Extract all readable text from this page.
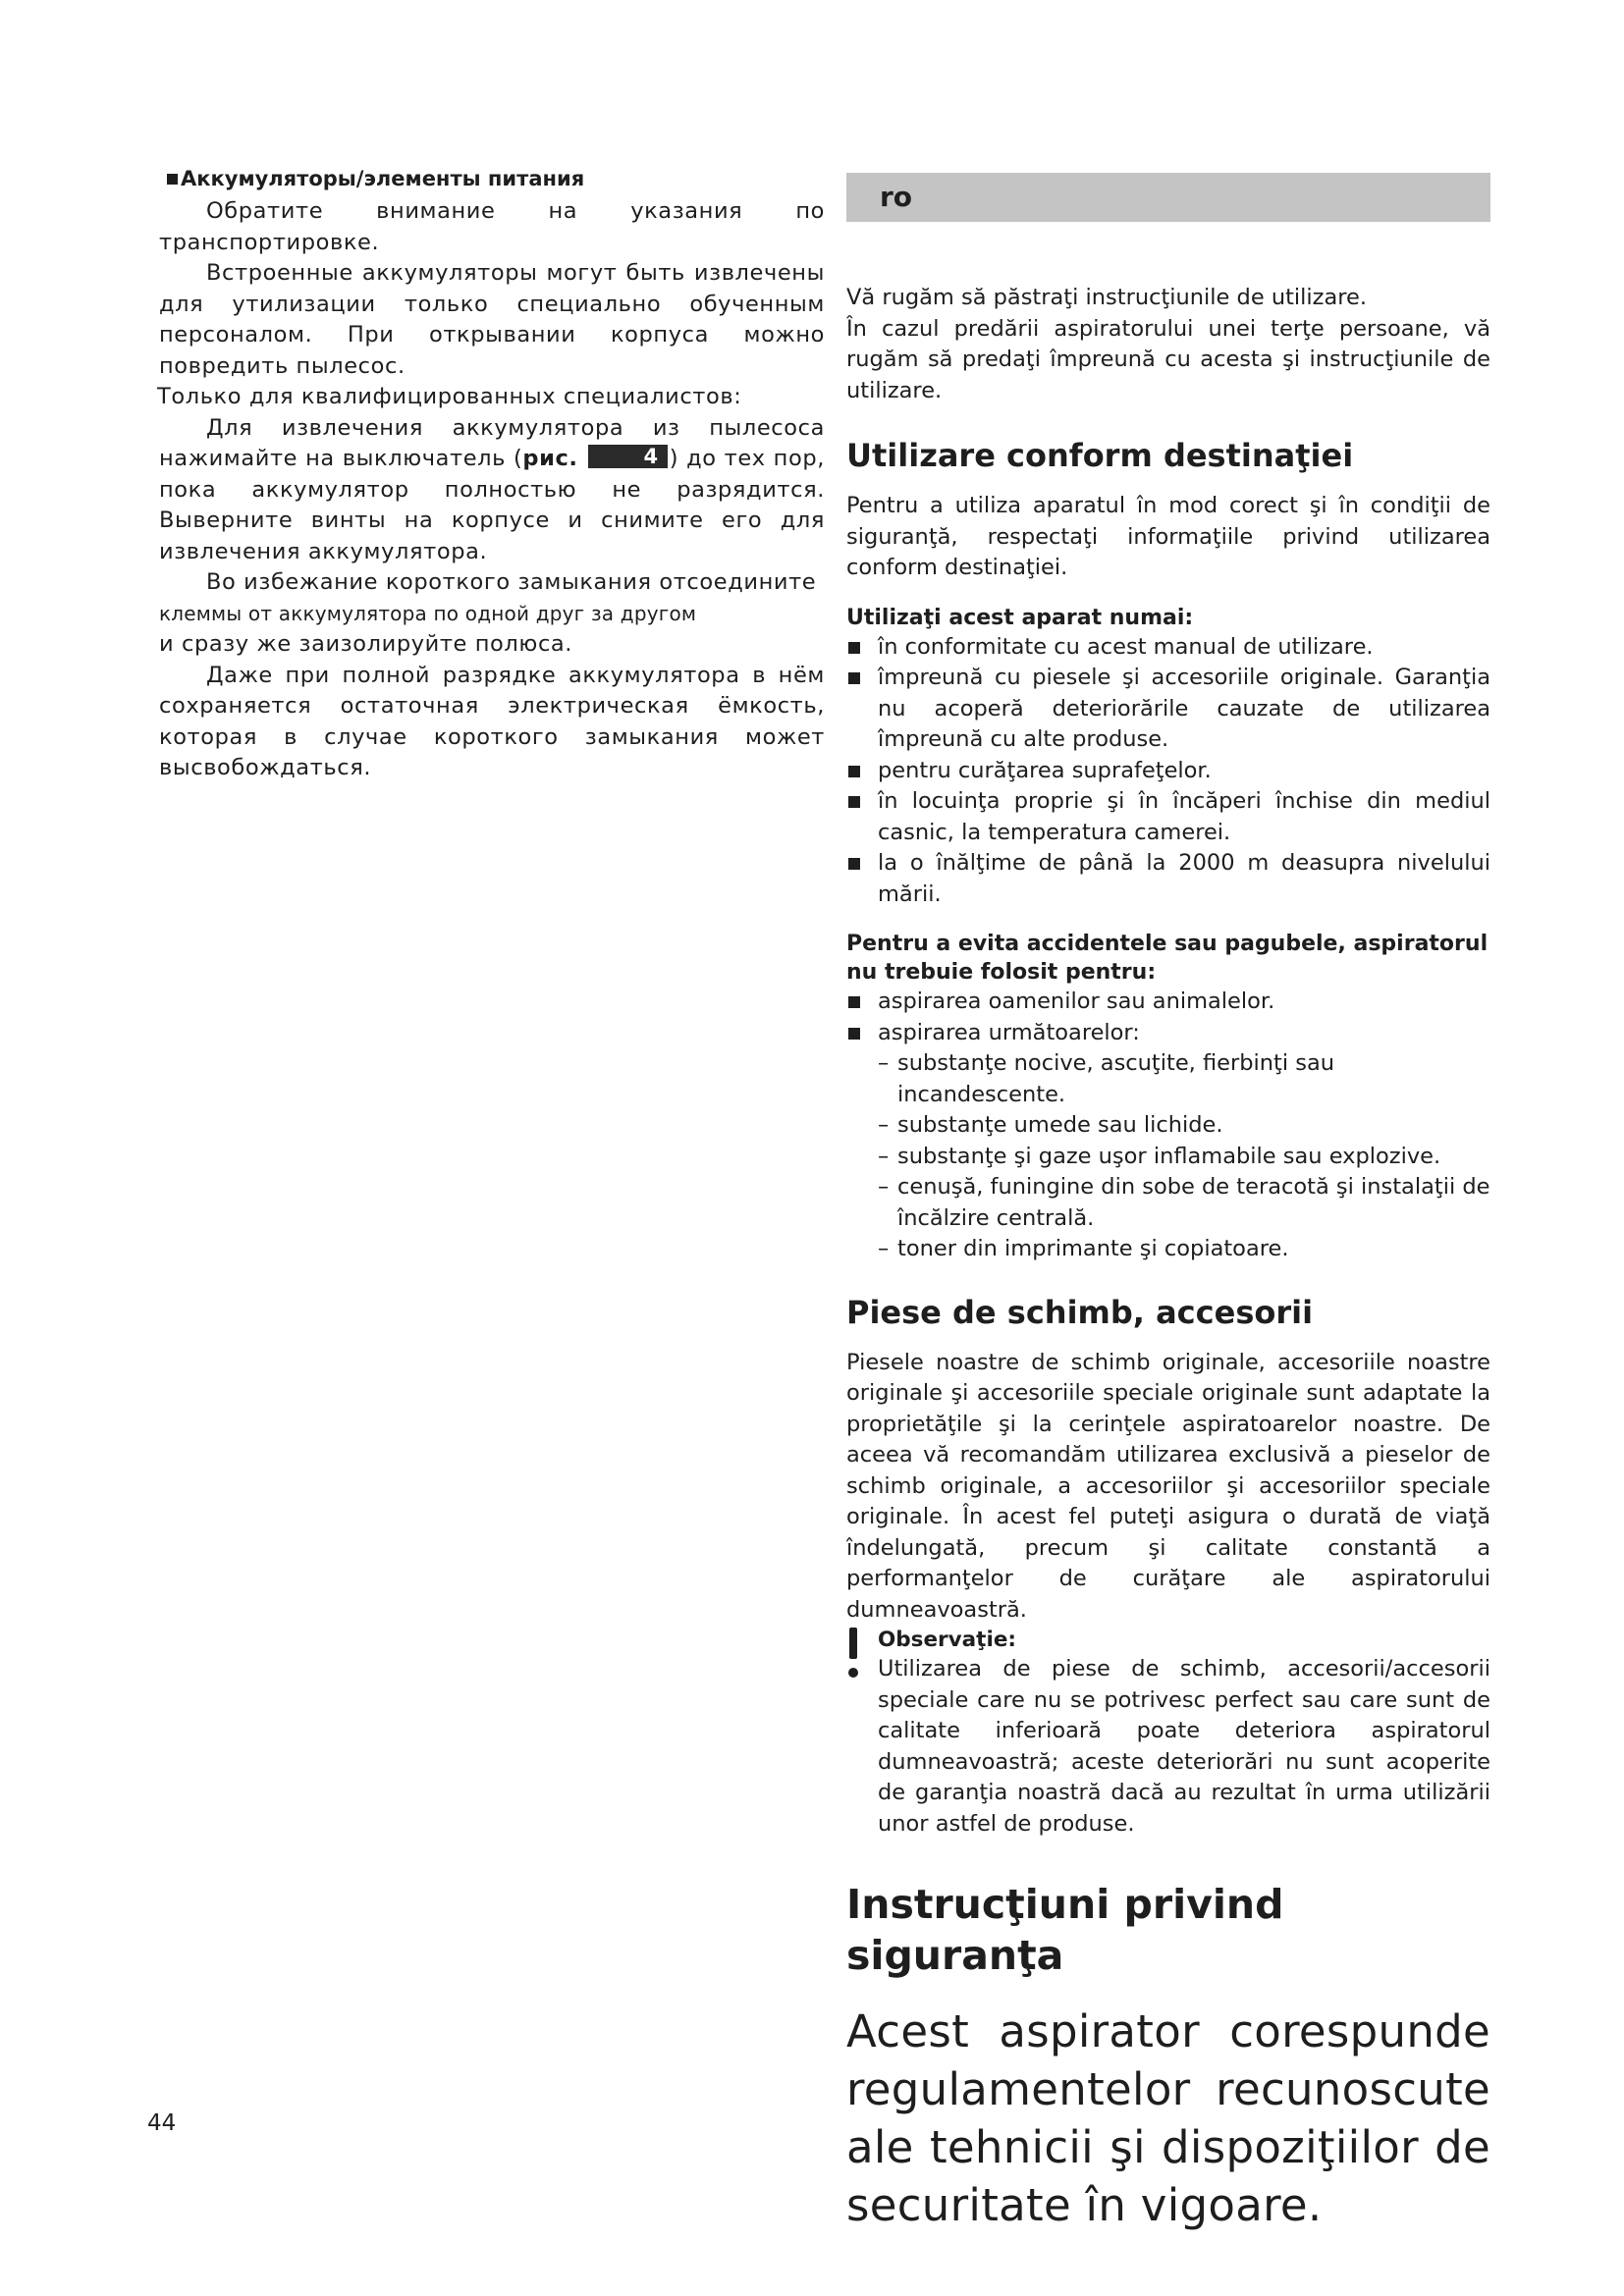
Аккумуляторы/элементы питания

Обратите внимание на указания по транспортировке.

Встроенные аккумуляторы могут быть извлечены для утилизации только специально обученным персоналом. При открывании корпуса можно повредить пылесос.

Только для квалифицированных специалистов:

Для извлечения аккумулятора из пылесоса нажимайте на выключатель (рис.	4 ) до тех пор, пока аккумулятор полностью не разрядится. Выверните винты на корпусе и снимите его для извлечения аккумулятора.

Во избежание короткого замыкания отсоедините

клеммы от аккумулятора по одной друг за другом

и сразу же заизолируйте полюса.

Даже при полной разрядке аккумулятора в нём сохраняется остаточная электрическая ёмкость, которая в случае короткого замыкания может высвобождаться.

ro

Vă rugăm să păstraţi instrucţiunile de utilizare.

În cazul predării aspiratorului unei terţe persoane, vă rugăm să predaţi împreună cu acesta şi instrucţiunile de utilizare.

Utilizare conform destinaţiei

Pentru a utiliza aparatul în mod corect şi în condiţii de siguranţă, respectaţi informaţiile privind utilizarea conform destinaţiei.

Utilizaţi acest aparat numai:

în conformitate cu acest manual de utilizare.
împreună cu piesele şi accesoriile originale. Garanţia nu acoperă deteriorările cauzate de utilizarea împreună cu alte produse.
pentru curăţarea suprafeţelor.
în locuinţa proprie şi în încăperi închise din mediul casnic, la temperatura camerei.
la o înălţime de până la 2000 m deasupra nivelului mării.

Pentru a evita accidentele sau pagubele, aspiratorul nu trebuie folosit pentru:

aspirarea oamenilor sau animalelor.
aspirarea următoarelor:
– substanţe nocive, ascuţite, fierbinţi sau incandescente.
– substanţe umede sau lichide.
– substanţe şi gaze uşor inflamabile sau explozive.
– cenuşă, funingine din sobe de teracotă şi instalaţii de încălzire centrală.
– toner din imprimante şi copiatoare.
Piese de schimb, accesorii

Piesele noastre de schimb originale, accesoriile noastre originale şi accesoriile speciale originale sunt adaptate la proprietăţile şi la cerinţele aspiratoarelor noastre. De aceea vă recomandăm utilizarea exclusivă a pieselor de schimb originale, a accesoriilor şi accesoriilor speciale originale. În acest fel puteţi asigura o durată de viaţă îndelungată, precum şi calitate constantă a performanţelor de curăţare ale aspiratorului dumneavoastră.

Observaţie:

Utilizarea de piese de schimb, accesorii/accesorii speciale care nu se potrivesc perfect sau care sunt de calitate inferioară poate deteriora aspiratorul dumneavoastră; aceste deteriorări nu sunt acoperite de garanţia noastră dacă au rezultat în urma utilizării unor astfel de produse.

Instrucţiuni privind siguranţa

Acest aspirator corespunde regulamentelor recunoscute ale tehnicii şi dispoziţiilor de securitate în vigoare.

44
